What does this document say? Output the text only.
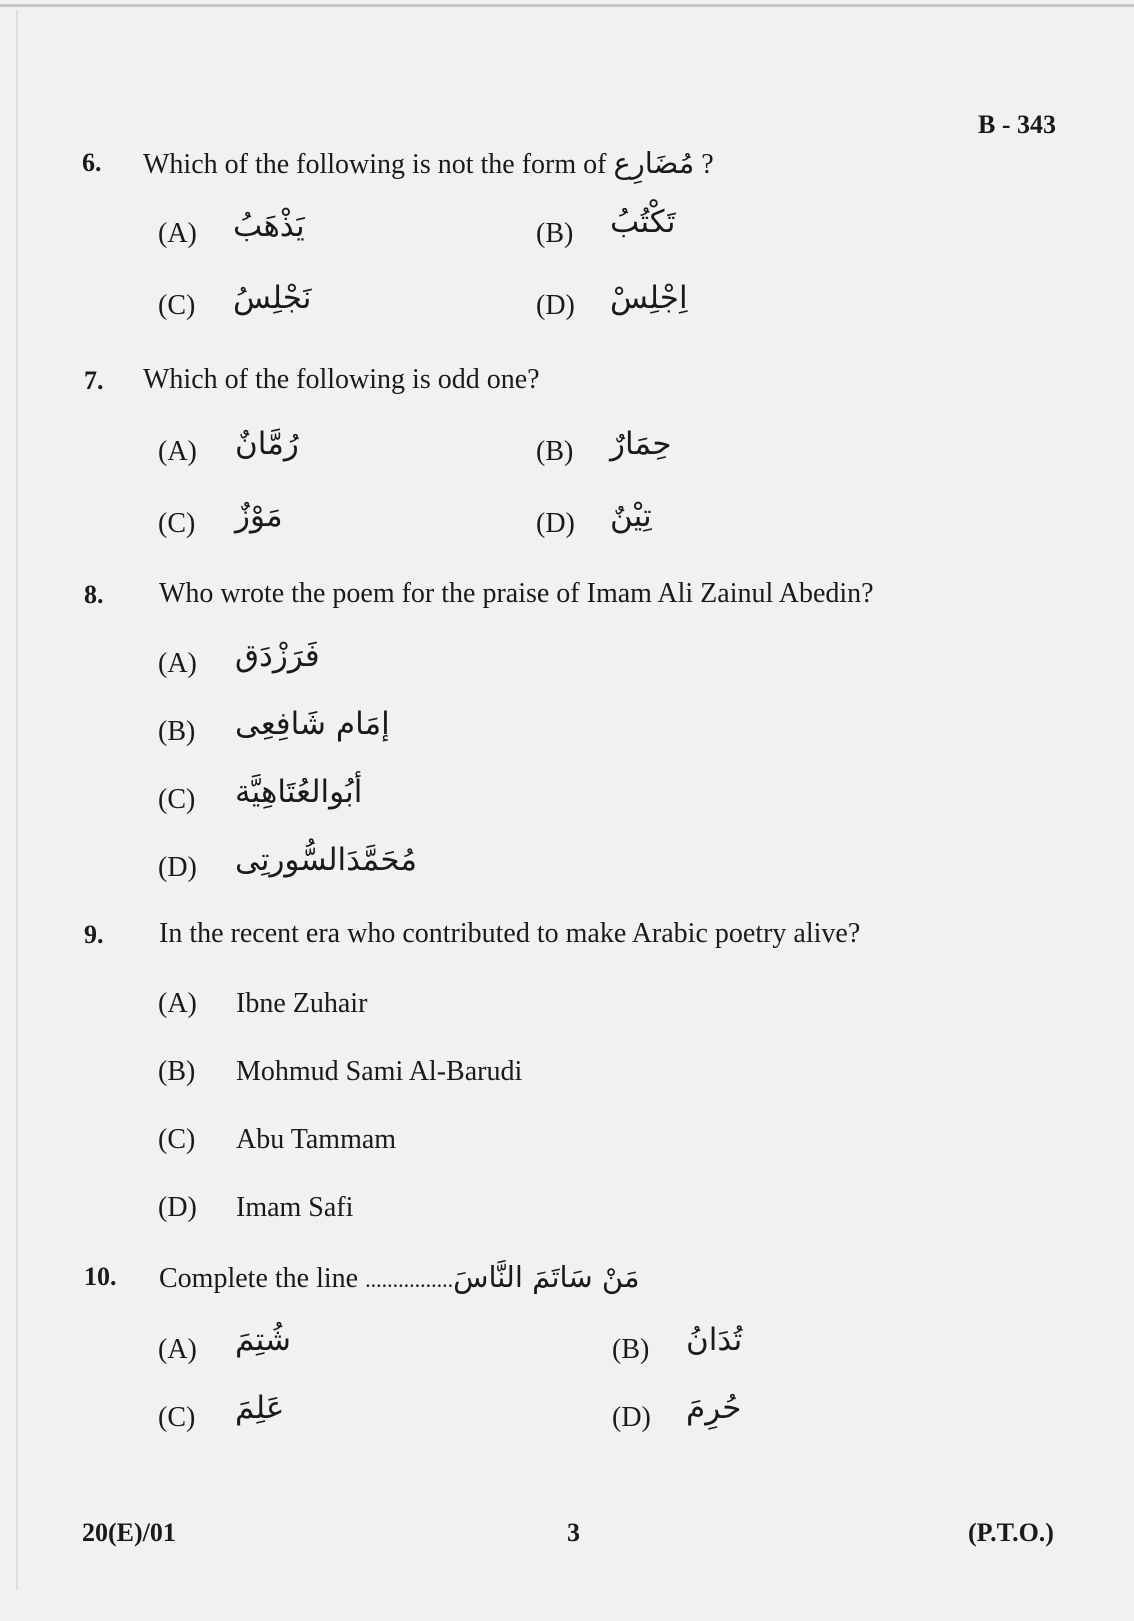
B - 343
6. Which of the following is not the form of مُضَارِع ?
(A) يَذْهَبُ	(B) تَكْتُبُ
(C) نَجْلِسُ	(D) اِجْلِسْ
7. Which of the following is odd one?
(A) رُمَّانٌ	(B) حِمَارٌ
(C) مَوْزٌ	(D) تِيْنٌ
8. Who wrote the poem for the praise of Imam Ali Zainul Abedin?
(A) فَرَزْدَق
(B) إمَام شَافِعِى
(C) أبُوالعُتَاهِيَّة
(D) مُحَمَّدَالسُّورتِى
9. In the recent era who contributed to make Arabic poetry alive?
(A) Ibne Zuhair
(B) Mohmud Sami Al-Barudi
(C) Abu Tammam
(D) Imam Safi
10. Complete the line ................مَنْ سَاتَمَ النَّاسَ
(A) شُتِمَ	(B) تُدَانُ
(C) عَلِمَ	(D) حُرِمَ
20(E)/01	3	(P.T.O.)
